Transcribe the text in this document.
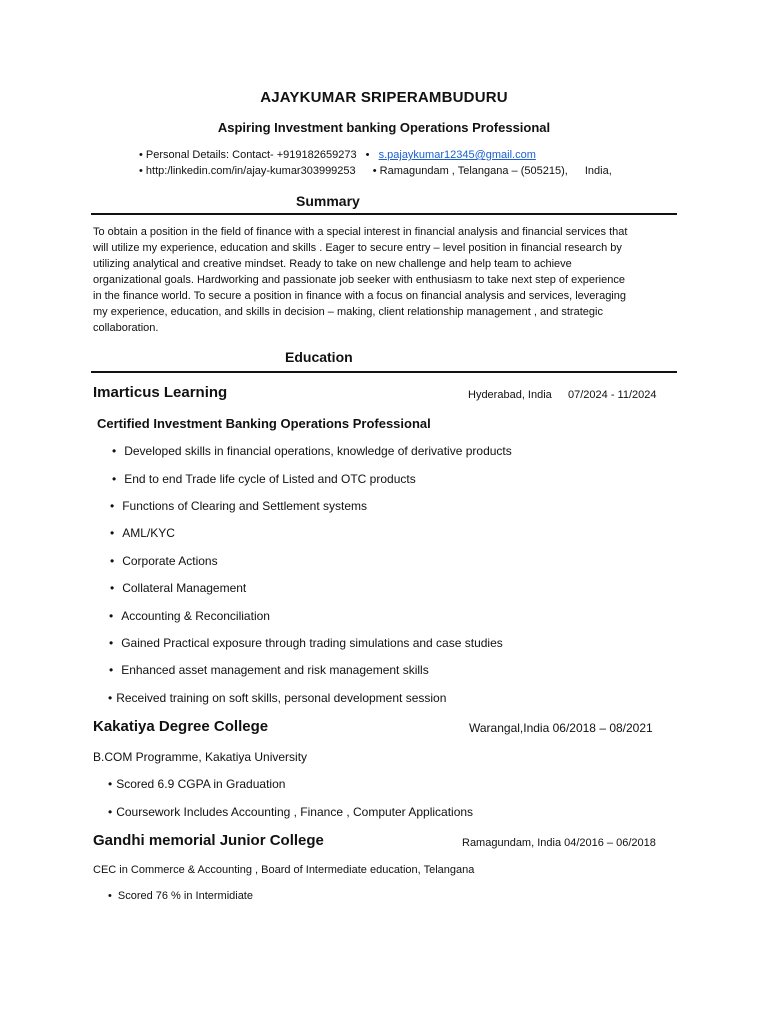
AJAYKUMAR SRIPERAMBUDURU
Aspiring Investment banking Operations Professional
• Personal Details: Contact- +919182659273 • s.pajaykumar12345@gmail.com
• http:/linkedin.com/in/ajay-kumar303999253 • Ramagundam , Telangana – (505215), India,
Summary
To obtain a position in the field of finance with a special interest in financial analysis and financial services that
will utilize my experience, education and skills . Eager to secure entry – level position in financial research by
utilizing analytical and creative mindset. Ready to take on new challenge and help team to achieve
organizational goals. Hardworking and passionate job seeker with enthusiasm to take next step of experience
in the finance world. To secure a position in finance with a focus on financial analysis and services, leveraging
my experience, education, and skills in decision – making, client relationship management , and strategic
collaboration.
Education
Imarticus Learning	Hyderabad, India 07/2024 - 11/2024
Certified Investment Banking Operations Professional
• Developed skills in financial operations, knowledge of derivative products
• End to end Trade life cycle of Listed and OTC products
• Functions of Clearing and Settlement systems
• AML/KYC
• Corporate Actions
• Collateral Management
• Accounting & Reconciliation
• Gained Practical exposure through trading simulations and case studies
• Enhanced asset management and risk management skills
• Received training on soft skills, personal development session
Kakatiya Degree College	Warangal,India 06/2018 – 08/2021
B.COM Programme, Kakatiya University
• Scored 6.9 CGPA in Graduation
• Coursework Includes Accounting , Finance , Computer Applications
Gandhi memorial Junior College	Ramagundam, India 04/2016 – 06/2018
CEC in Commerce & Accounting , Board of Intermediate education, Telangana
• Scored 76 % in Intermidiate
